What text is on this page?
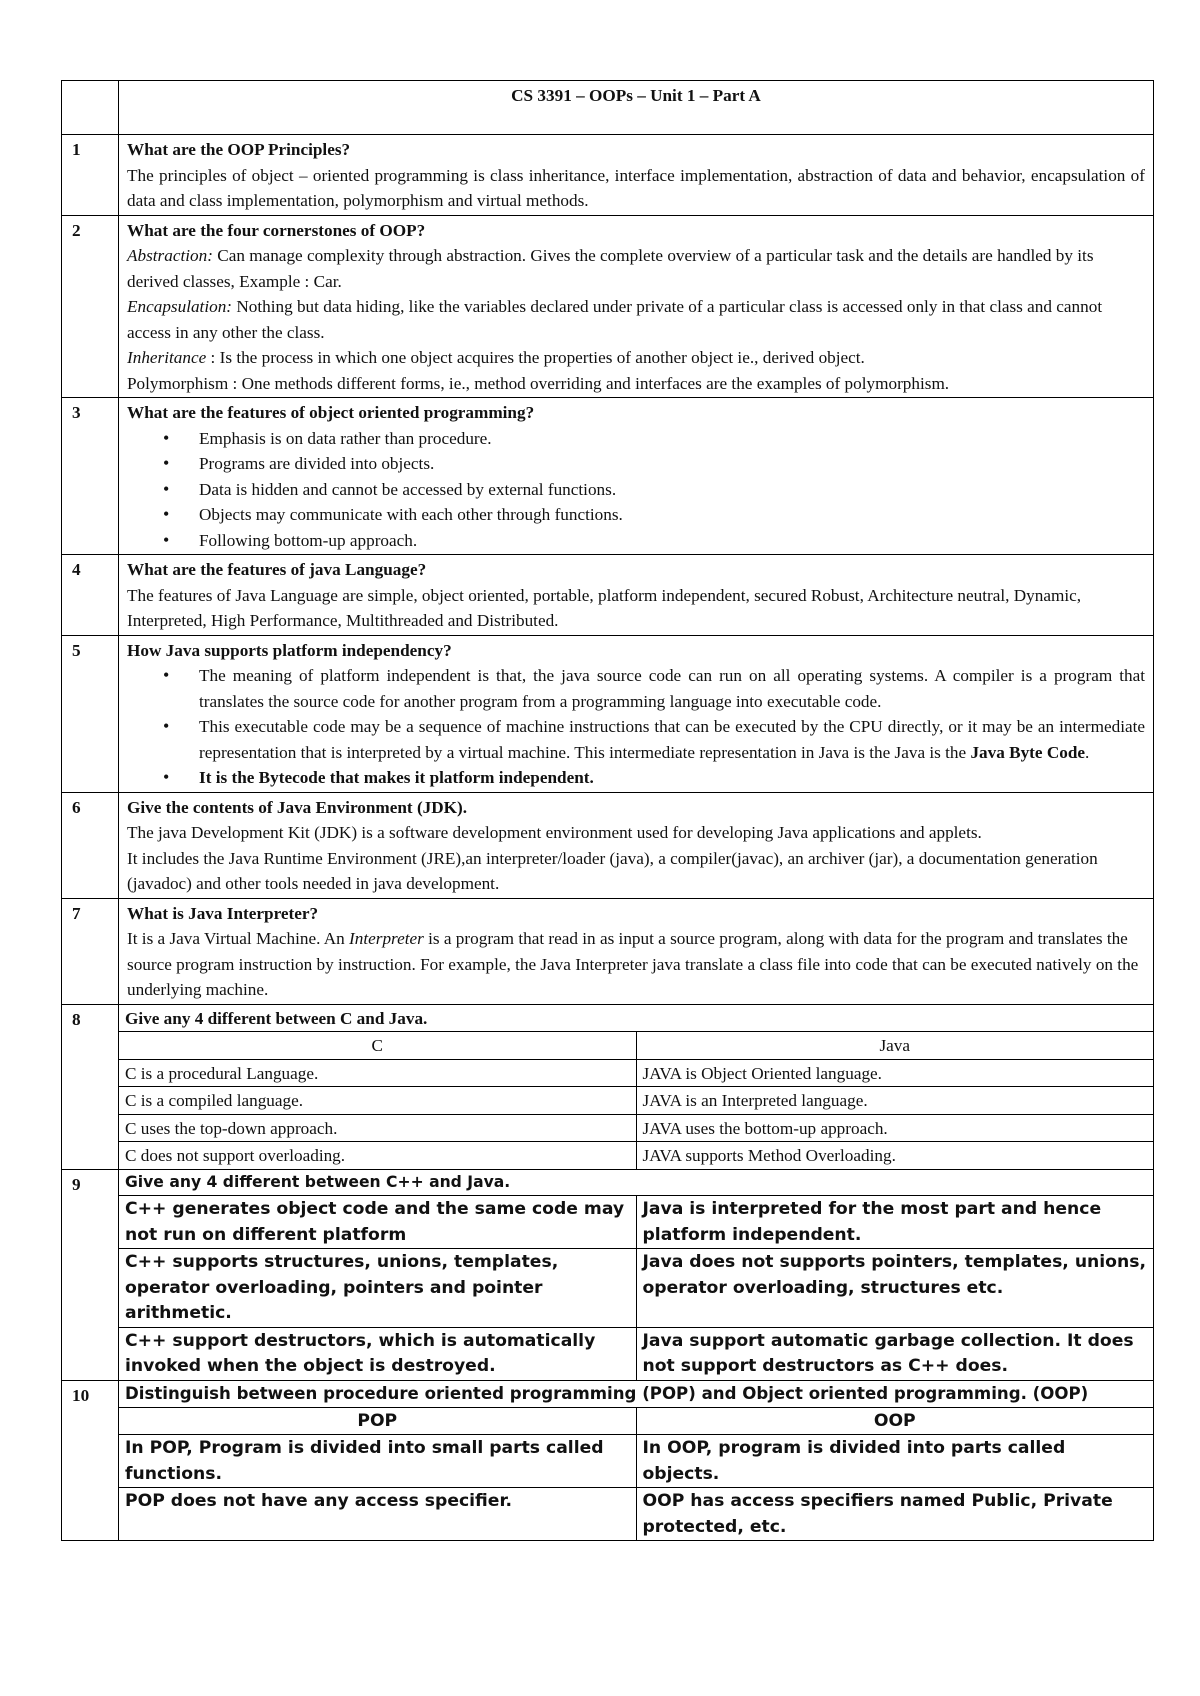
	CS 3391 – OOPs – Unit 1 – Part A
1	What are the OOP Principles?
The principles of object – oriented programming is class inheritance, interface implementation, abstraction of data and behavior, encapsulation of data and class implementation, polymorphism and virtual methods.
2	What are the four cornerstones of OOP?
Abstraction: Can manage complexity through abstraction. Gives the complete overview of a particular task and the details are handled by its derived classes, Example : Car.
Encapsulation: Nothing but data hiding, like the variables declared under private of a particular class is accessed only in that class and cannot access in any other the class.
Inheritance : Is the process in which one object acquires the properties of another object ie., derived object.
Polymorphism : One methods different forms, ie., method overriding and interfaces are the examples of polymorphism.

3	What are the features of object oriented programming?
• Emphasis is on data rather than procedure.
• Programs are divided into objects.
• Data is hidden and cannot be accessed by external functions.
• Objects may communicate with each other through functions.
• Following bottom-up approach.

4	What are the features of java Language?
The features of Java Language are simple, object oriented, portable, platform independent, secured Robust, Architecture neutral, Dynamic, Interpreted, High Performance, Multithreaded and Distributed.
5	How Java supports platform independency?
• The meaning of platform independent is that, the java source code can run on all operating systems. A compiler is a program that translates the source code for another program from a programming language into executable code.
• This executable code may be a sequence of machine instructions that can be executed by the CPU directly, or it may be an intermediate representation that is interpreted by a virtual machine. This intermediate representation in Java is the Java is the Java Byte Code.
• It is the Bytecode that makes it platform independent.

6	Give the contents of Java Environment (JDK).
The java Development Kit (JDK) is a software development environment used for developing Java applications and applets.
It includes the Java Runtime Environment (JRE),an interpreter/loader (java), a compiler(javac), an archiver (jar), a documentation generation (javadoc) and other tools needed in java development.

7	What is Java Interpreter?
It is a Java Virtual Machine. An Interpreter is a program that read in as input a source program, along with data for the program and translates the source program instruction by instruction. For example, the Java Interpreter java translate a class file into code that can be executed natively on the underlying machine.

8	Give any 4 different between C and Java.
C	Java
C is a procedural Language.	JAVA is Object Oriented language.
C is a compiled language.	JAVA is an Interpreted language.
C uses the top-down approach.	JAVA uses the bottom-up approach.
C does not support overloading.	JAVA supports Method Overloading.

9	Give any 4 different between C++ and Java.
C++ generates object code and the same code may not run on different platform	Java is interpreted for the most part and hence platform independent.
C++ supports structures, unions, templates, operator overloading, pointers and pointer arithmetic.	Java does not supports pointers, templates, unions, operator overloading, structures etc.
C++ support destructors, which is automatically invoked when the object is destroyed.	Java support automatic garbage collection. It does not support destructors as C++ does.

10	Distinguish between procedure oriented programming (POP) and Object oriented programming. (OOP)
POP	OOP
In POP, Program is divided into small parts called functions.	In OOP, program is divided into parts called objects.
POP does not have any access specifier.	OOP has access specifiers named Public, Private protected, etc.
